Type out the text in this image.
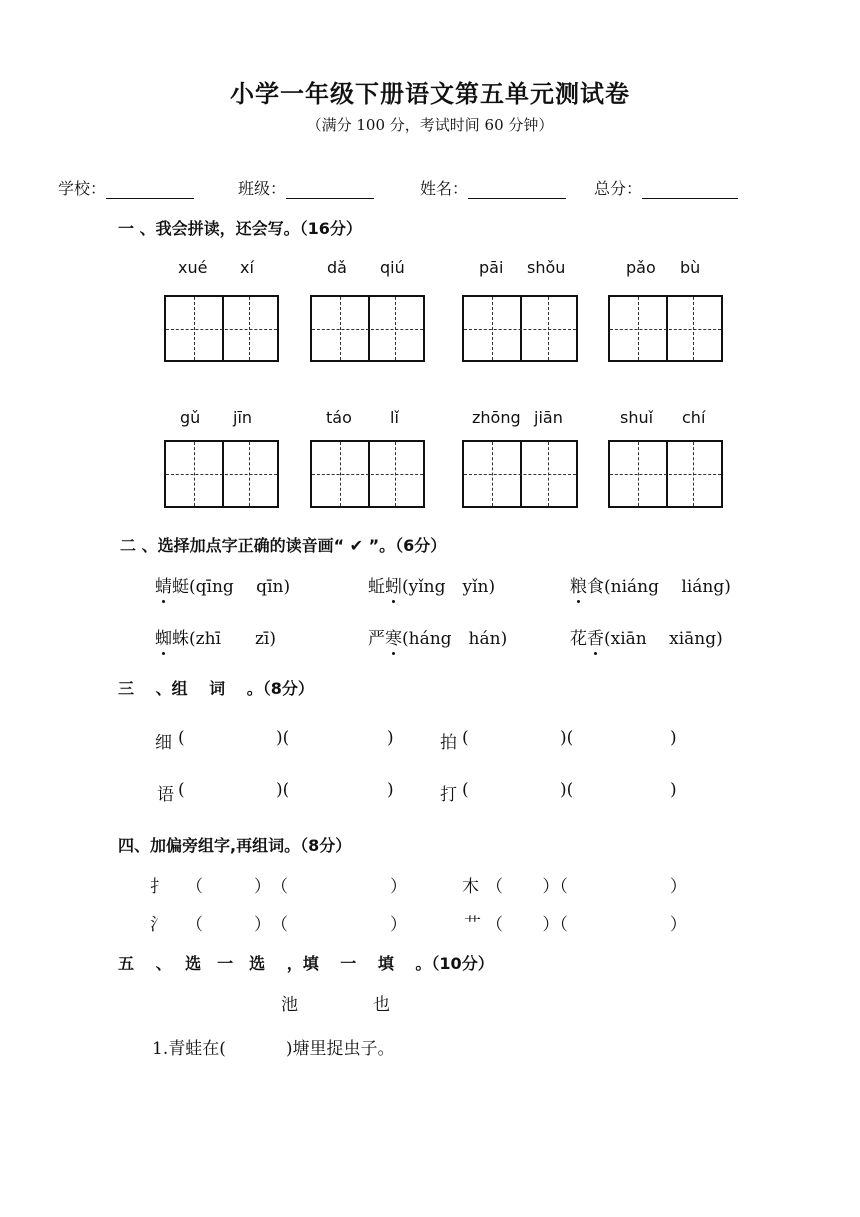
小学一年级下册语文第五单元测试卷
（满分 100 分，考试时间 60 分钟）
学校：	班级：	姓名：	总分：
一 、我会拼读，还会写。（16分）
xué xí	dǎ qiú	pāi shǒu	pǎo bù
gǔ jīn	táo lǐ	zhōng jiān	shuǐ chí
二 、选择加点字正确的读音画“ ✔ ”。（6分）
蜻蜓(qīng　 qīn)	蚯蚓(yǐng　yǐn)	粮食(niáng　 liáng)
蜘蛛(zhī　　zī)	严寒(háng　hán)	花香(xiān　 xiāng)
三　 、组　 词　 。（8分）
细 (	)(	)	拍 (	)(	)
语 (	)(	)	打 (	)(	)
四、加偏旁组字,再组词。（8分）
扌 （　　　）　（　　　　　　）	木 （　　 ）（　　　　　　）
氵 （　　　）　（　　　　　　）	艹 （　　 ）（　　　　　　）
五　 、　 选　一　选　 ，填　 一　 填　 。（10分）
池	也
1.青蛙在(	)塘里捉虫子。
